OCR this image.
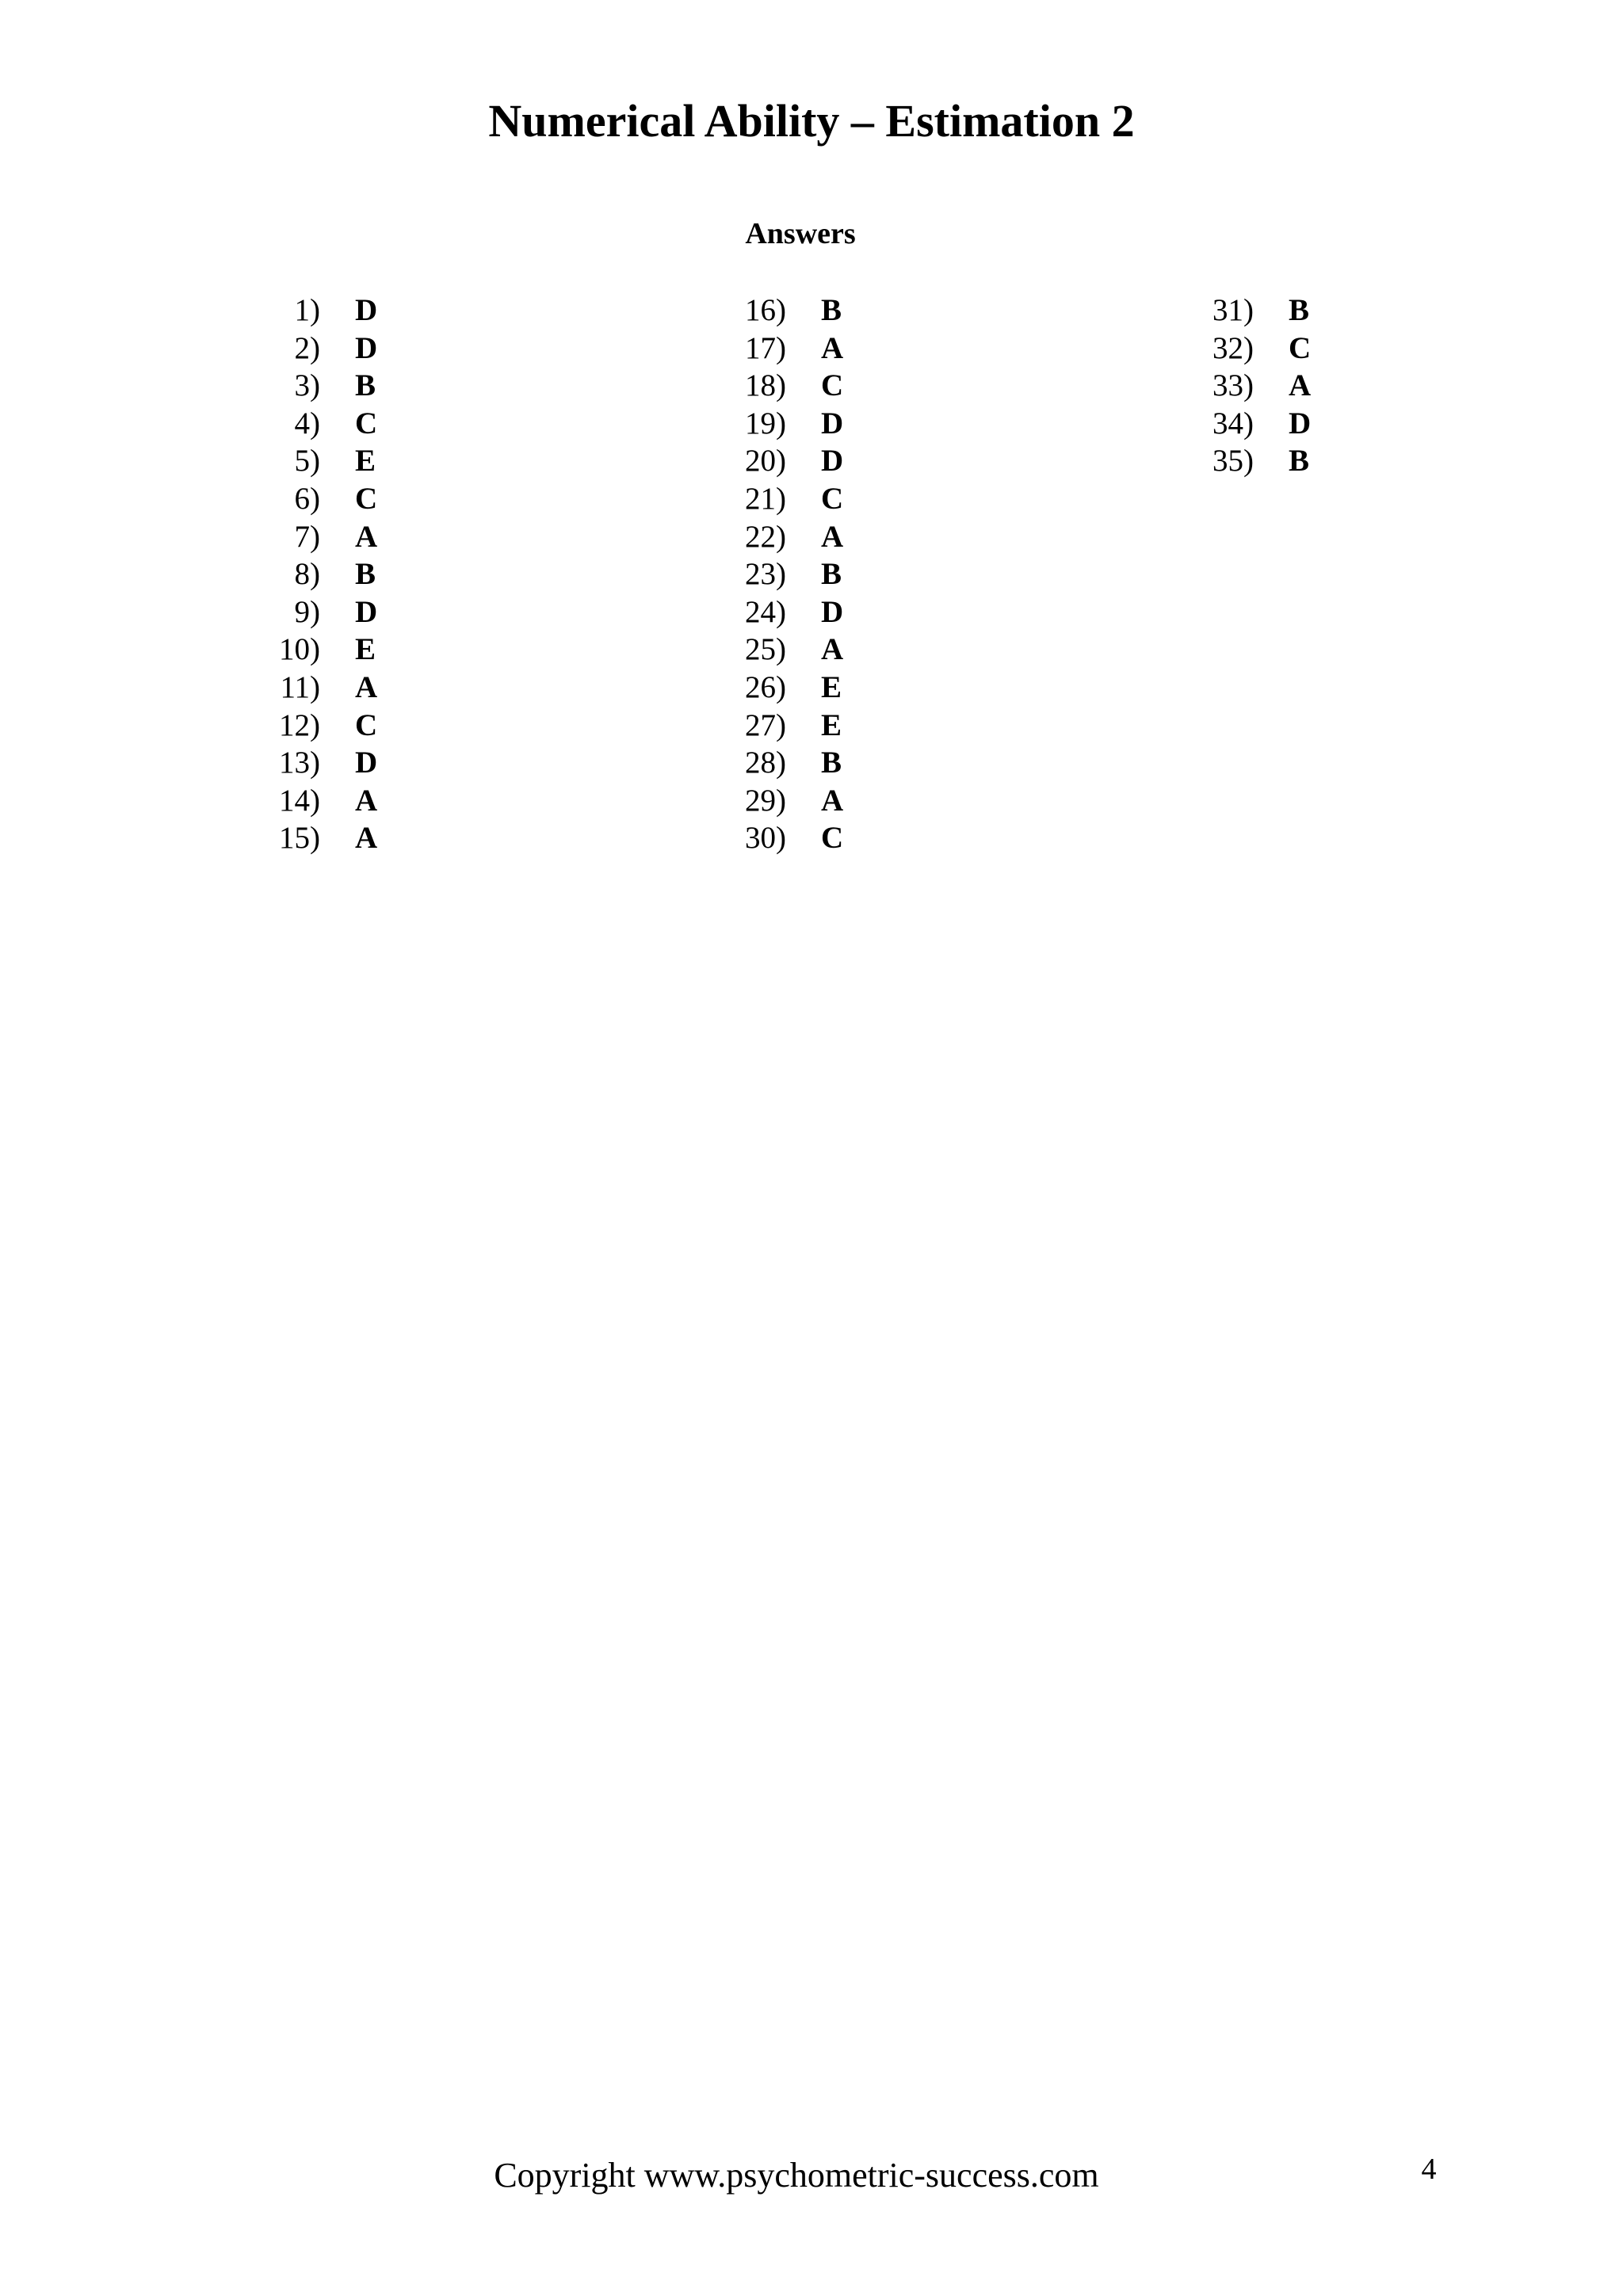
Numerical Ability – Estimation 2
Answers
1) D
2) D
3) B
4) C
5) E
6) C
7) A
8) B
9) D
10) E
11) A
12) C
13) D
14) A
15) A
16) B
17) A
18) C
19) D
20) D
21) C
22) A
23) B
24) D
25) A
26) E
27) E
28) B
29) A
30) C
31) B
32) C
33) A
34) D
35) B
Copyright www.psychometric-success.com	4
